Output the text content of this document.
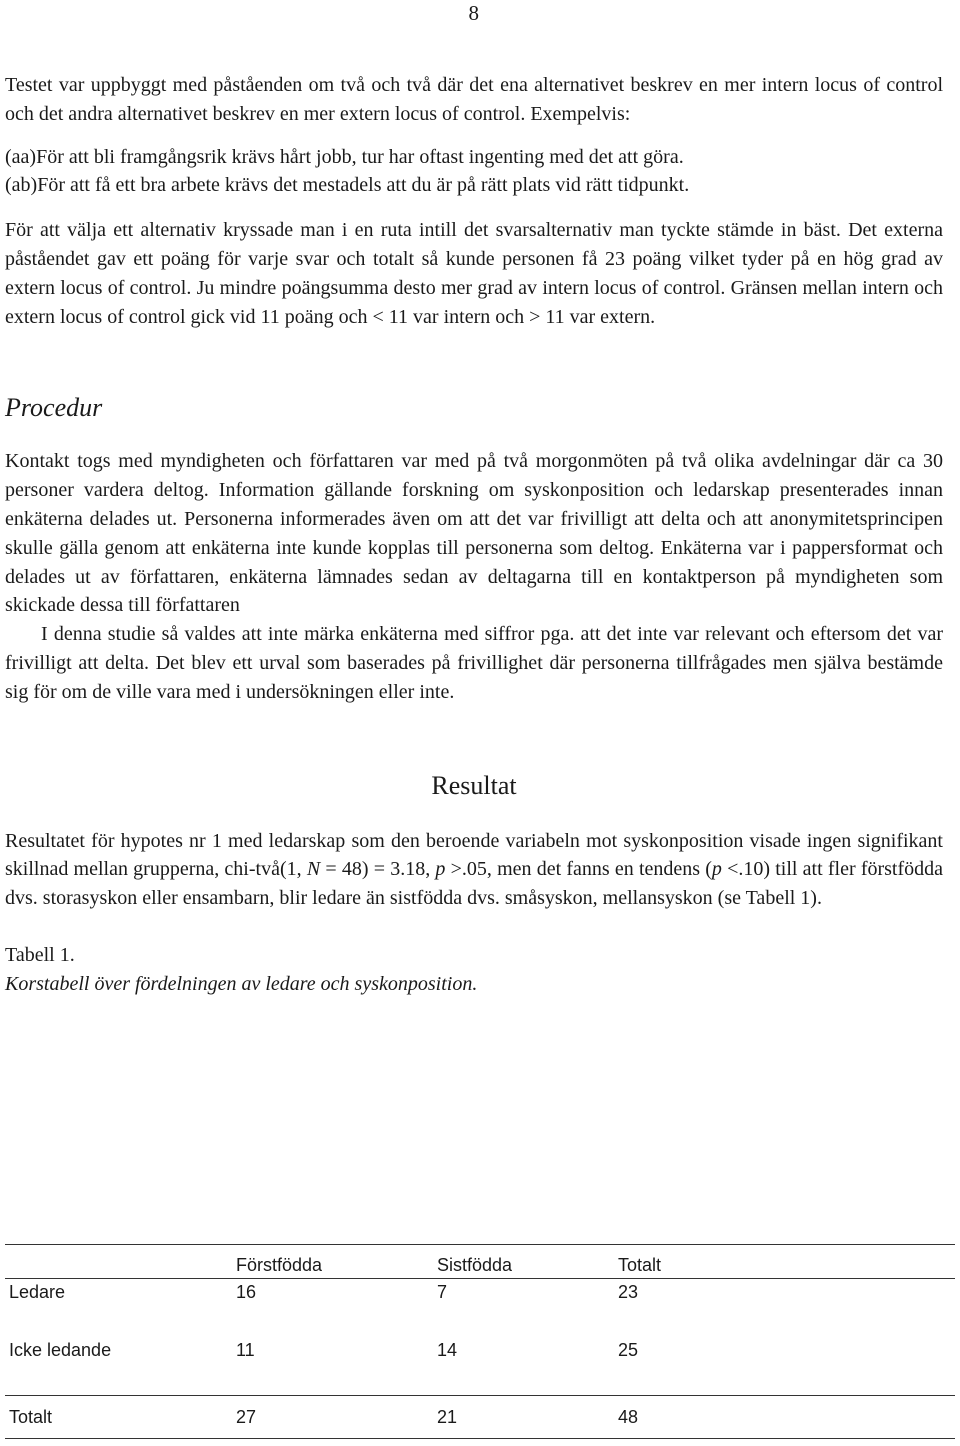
8

Testet var uppbyggt med påståenden om två och två där det ena alternativet beskrev en mer intern locus of control och det andra alternativet beskrev en mer extern locus of control. Exempelvis:

(aa)För att bli framgångsrik krävs hårt jobb, tur har oftast ingenting med det att göra.

(ab)För att få ett bra arbete krävs det mestadels att du är på rätt plats vid rätt tidpunkt.

För att välja ett alternativ kryssade man i en ruta intill det svarsalternativ man tyckte stämde in bäst. Det externa påståendet gav ett poäng för varje svar och totalt så kunde personen få 23 poäng vilket tyder på en hög grad av extern locus of control. Ju mindre poängsumma desto mer grad av intern locus of control. Gränsen mellan intern och extern locus of control gick vid 11 poäng och < 11 var intern och > 11 var extern.

Procedur

Kontakt togs med myndigheten och författaren var med på två morgonmöten på två olika avdelningar där ca 30 personer vardera deltog. Information gällande forskning om syskonposition och ledarskap presenterades innan enkäterna delades ut. Personerna informerades även om att det var frivilligt att delta och att anonymitetsprincipen skulle gälla genom att enkäterna inte kunde kopplas till personerna som deltog. Enkäterna var i pappersformat och delades ut av författaren, enkäterna lämnades sedan av deltagarna till en kontaktperson på myndigheten som skickade dessa till författaren

I denna studie så valdes att inte märka enkäterna med siffror pga. att det inte var relevant och eftersom det var frivilligt att delta. Det blev ett urval som baserades på frivillighet där personerna tillfrågades men själva bestämde sig för om de ville vara med i undersökningen eller inte.

Resultat

Resultatet för hypotes nr 1 med ledarskap som den beroende variabeln mot syskonposition visade ingen signifikant skillnad mellan grupperna, chi-två(1, N = 48) = 3.18, p >.05, men det fanns en tendens (p <.10) till att fler förstfödda dvs. storasyskon eller ensambarn, blir ledare än sistfödda dvs. småsyskon, mellansyskon (se Tabell 1).

Tabell 1.
Korstabell över fördelningen av ledare och syskonposition.
	Förstfödda	Sistfödda	Totalt
Ledare	16	7	23
Icke ledande	11	14	25
Totalt	27	21	48
